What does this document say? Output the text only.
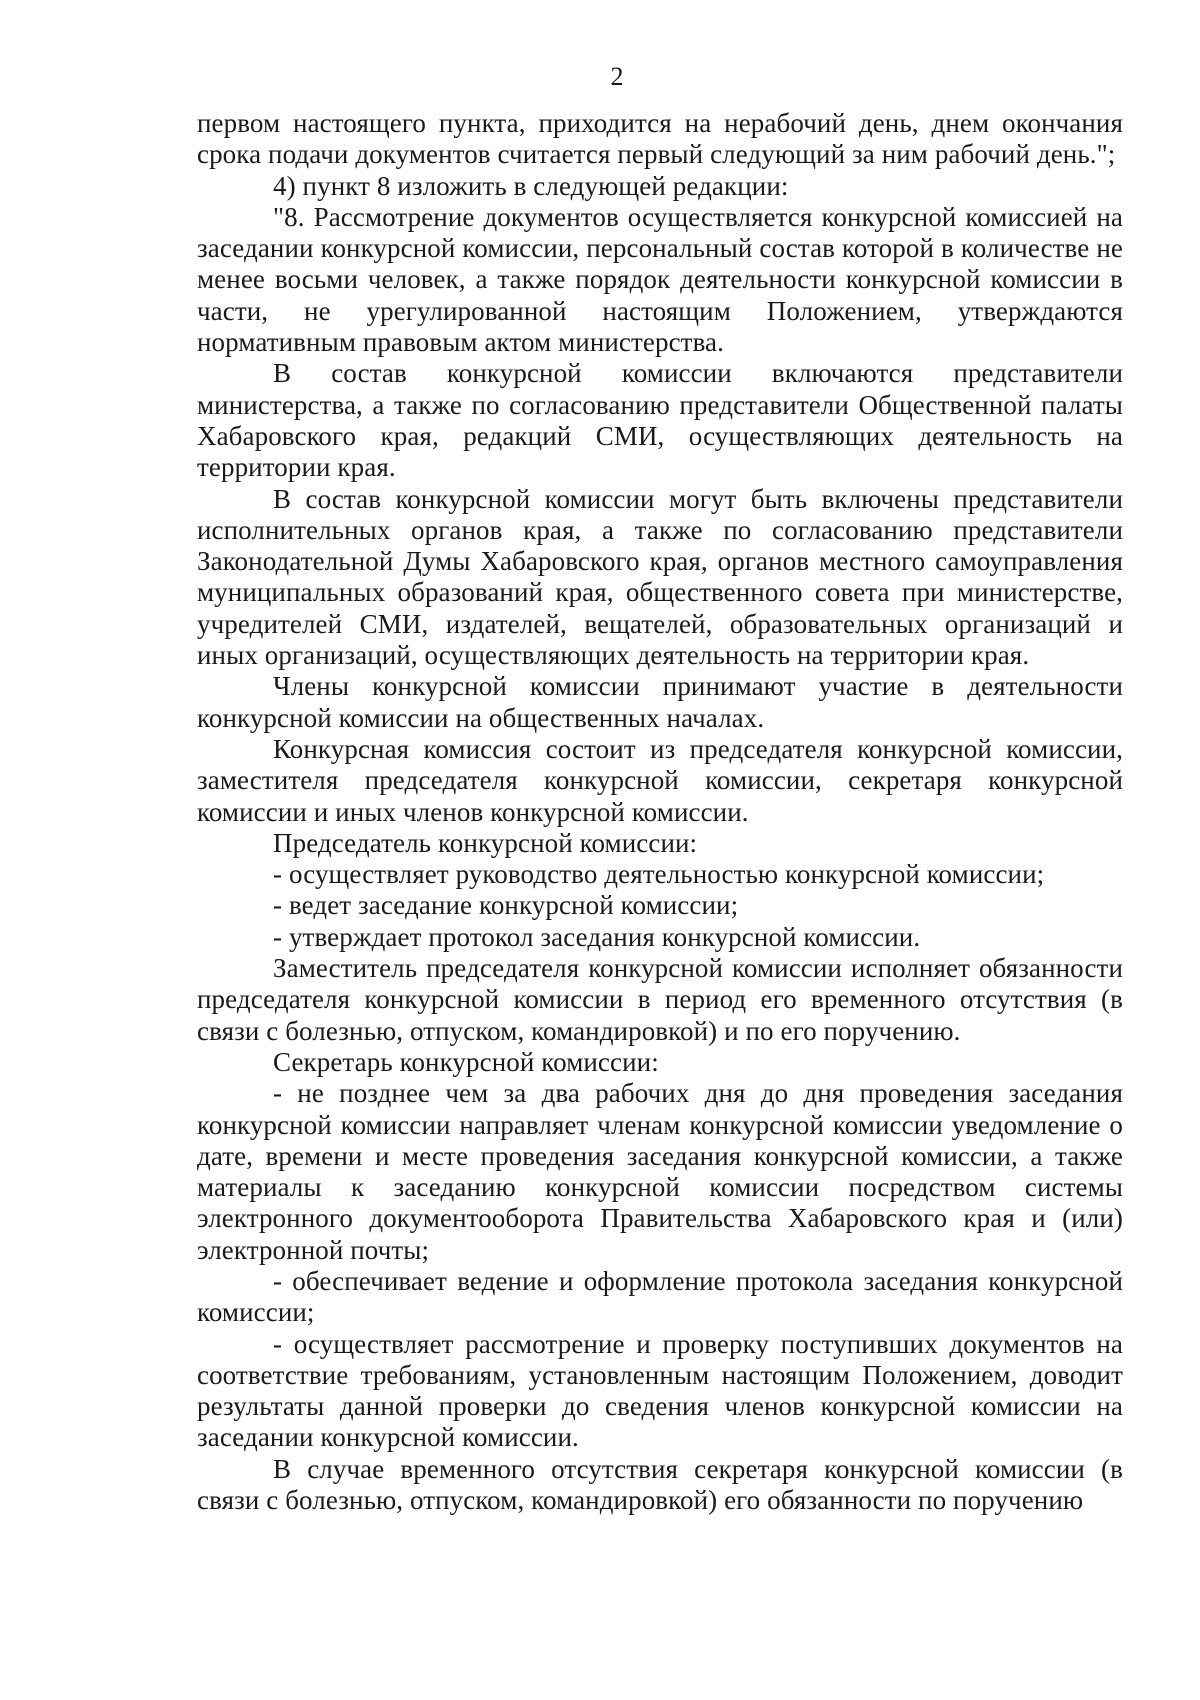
2

первом настоящего пункта, приходится на нерабочий день, днем окончания срока подачи документов считается первый следующий за ним рабочий день.";

4) пункт 8 изложить в следующей редакции:

"8. Рассмотрение документов осуществляется конкурсной комиссией на заседании конкурсной комиссии, персональный состав которой в количестве не менее восьми человек, а также порядок деятельности конкурсной комиссии в части, не урегулированной настоящим Положением, утверждаются нормативным правовым актом министерства.

В состав конкурсной комиссии включаются представители министерства, а также по согласованию представители Общественной палаты Хабаровского края, редакций СМИ, осуществляющих деятельность на территории края.

В состав конкурсной комиссии могут быть включены представители исполнительных органов края, а также по согласованию представители Законодательной Думы Хабаровского края, органов местного самоуправления муниципальных образований края, общественного совета при министерстве, учредителей СМИ, издателей, вещателей, образовательных организаций и иных организаций, осуществляющих деятельность на территории края.

Члены конкурсной комиссии принимают участие в деятельности конкурсной комиссии на общественных началах.

Конкурсная комиссия состоит из председателя конкурсной комиссии, заместителя председателя конкурсной комиссии, секретаря конкурсной комиссии и иных членов конкурсной комиссии.

Председатель конкурсной комиссии:

- осуществляет руководство деятельностью конкурсной комиссии;

- ведет заседание конкурсной комиссии;

- утверждает протокол заседания конкурсной комиссии.

Заместитель председателя конкурсной комиссии исполняет обязанности председателя конкурсной комиссии в период его временного отсутствия (в связи с болезнью, отпуском, командировкой) и по его поручению.

Секретарь конкурсной комиссии:

- не позднее чем за два рабочих дня до дня проведения заседания конкурсной комиссии направляет членам конкурсной комиссии уведомление о дате, времени и месте проведения заседания конкурсной комиссии, а также материалы к заседанию конкурсной комиссии посредством системы электронного документооборота Правительства Хабаровского края и (или) электронной почты;

- обеспечивает ведение и оформление протокола заседания конкурсной комиссии;

- осуществляет рассмотрение и проверку поступивших документов на соответствие требованиям, установленным настоящим Положением, доводит результаты данной проверки до сведения членов конкурсной комиссии на заседании конкурсной комиссии.

В случае временного отсутствия секретаря конкурсной комиссии (в связи с болезнью, отпуском, командировкой) его обязанности по поручению
